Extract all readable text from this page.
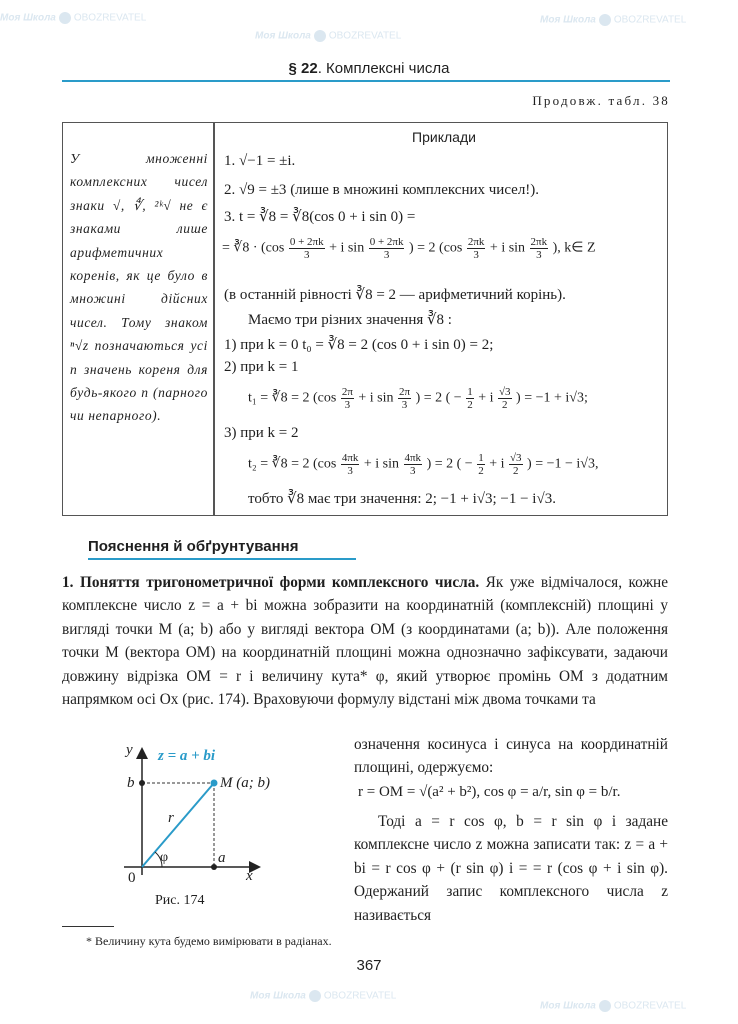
Моя Школа OBOZREVATEL
Моя Школа OBOZREVATEL
Моя Школа OBOZREVATEL
Моя Школа OBOZREVATEL
Моя Школа OBOZREVATEL
§ 22. Комплексні числа
Продовж. табл. 38
У множенні комплексних чисел знаки √, ∜, ²ᵏ√ не є знаками лише арифметичних коренів, як це було в множині дійсних чисел. Тому знаком ⁿ√z позначаються усі n значень кореня для будь-якого n (парного чи непарного).
Приклади
1. √−1 = ±i.
2. √9 = ±3 (лише в множині комплексних чисел!).
3. t = ∛8 = ∛8(cos 0 + i sin 0) =
= ∛8 · ($\cos \frac{0 + 2\pi k}{3} + i$ $\sin \frac{0 + 2\pi k}{3}$ ) = 2 ($\cos \frac{2\pi k}{3} + i$ $\sin \frac{2\pi k}{3}$ ), k∈ Z
(в останній рівності ∛8 = 2 — арифметичний корінь).
Маємо три різних значення ∛8 :
1) при k = 0 t₀ = ∛8 = 2 (cos 0 + i sin 0) = 2;
2) при k = 1
t₁ = ∛8 = 2 ($\cos \frac{2\pi}{3} + i$ $\sin \frac{2\pi}{3}$ ) = 2 ( − $\frac{1}{2} + i \frac{√3}{2}$ ) = −1 + i√3;
3) при k = 2
t₂ = ∛8 = 2 ($\cos \frac{4\pi k}{3} + i$ $\sin \frac{4\pi k}{3}$ ) = 2 ( − $\frac{1}{2} + i \frac{√3}{2}$ ) = −1 − i√3,
тобто ∛8 має три значення: 2; −1 + i√3; −1 − i√3.
Пояснення й обґрунтування

1. Поняття тригонометричної форми комплексного числа. Як уже відмічалося, кожне комплексне число z = a + bi можна зобразити на координатній (комплексній) площині у вигляді точки M (a; b) або у вигляді вектора OM (з координатами (a; b)). Але положення точки M (вектора OM) на координатній площині можна однозначно зафіксувати, задаючи довжину відрізка OM = r і величину кута* φ, який утворює промінь OM з додатним напрямком осі Ox (рис. 174). Враховуючи формулу відстані між двома точками та

означення косинуса і синуса на координатній площині, одержуємо:
r = OM = √(a² + b²), cos φ = a/r, sin φ = b/r.
Тоді a = r cos φ, b = r sin φ і задане комплексне число z можна записати так: z = a + bi = r cos φ + (r sin φ) i = = r (cos φ + i sin φ). Одержаний запис комплексного числа z називається
z = a + bi
y
x
b
a
M (a; b)
r
φ
0
Рис. 174
* Величину кута будемо вимірювати в радіанах.
367
